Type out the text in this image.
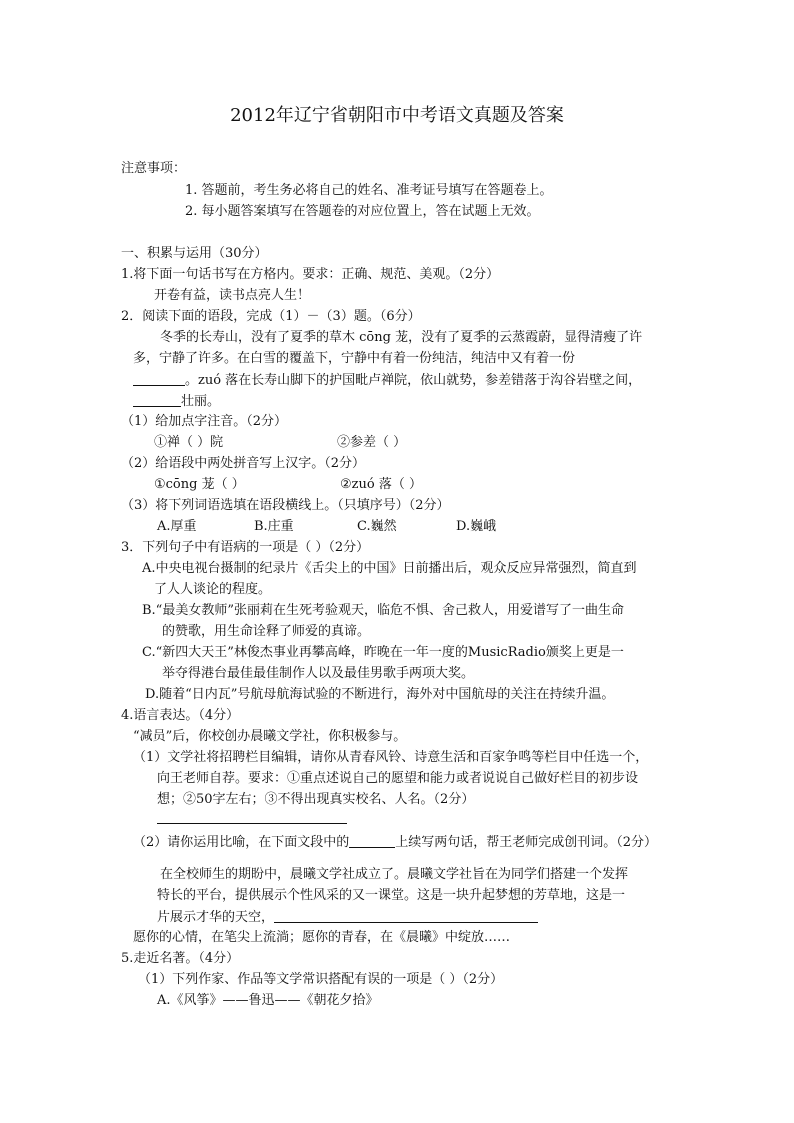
2012年辽宁省朝阳市中考语文真题及答案
注意事项：
1. 答题前，考生务必将自己的姓名、准考证号填写在答题卷上。
2. 每小题答案填写在答题卷的对应位置上，答在试题上无效。
一、积累与运用（30分）
1.将下面一句话书写在方格内。要求：正确、规范、美观。（2分）
开卷有益，读书点亮人生！
2．阅读下面的语段，完成（1）－（3）题。（6分）
冬季的长寿山，没有了夏季的草木 cōng 茏，没有了夏季的云蒸霞蔚，显得清瘦了许
多，宁静了许多。在白雪的覆盖下，宁静中有着一份纯洁，纯洁中又有着一份
。zuó 落在长寿山脚下的护国毗卢禅院，依山就势，参差错落于沟谷岩壁之间，
壮丽。
（1）给加点字注音。（2分）
①禅（ ）院	②参差（ ）
（2）给语段中两处拼音写上汉字。（2分）
①cōng 茏（ ）	②zuó 落（ ）
（3）将下列词语选填在语段横线上。（只填序号）（2分）
A.厚重	B.庄重	C.巍然	D.巍峨
3．下列句子中有语病的一项是（ ）（2分）
A.中央电视台摄制的纪录片《舌尖上的中国》日前播出后，观众反应异常强烈，简直到
了人人谈论的程度。
B.“最美女教师”张丽莉在生死考验观天，临危不惧、舍己救人，用爱谱写了一曲生命
的赞歌，用生命诠释了师爱的真谛。
C.“新四大天王”林俊杰事业再攀高峰，昨晚在一年一度的MusicRadio颁奖上更是一
举夺得港台最佳最佳制作人以及最佳男歌手两项大奖。
D.随着“日内瓦”号航母航海试验的不断进行，海外对中国航母的关注在持续升温。
4.语言表达。（4分）
“减员”后，你校创办晨曦文学社，你积极参与。
（1）文学社将招聘栏目编辑，请你从青春风铃、诗意生活和百家争鸣等栏目中任选一个，
向王老师自荐。要求：①重点述说自己的愿望和能力或者说说自己做好栏目的初步设
想；②50字左右；③不得出现真实校名、人名。（2分）
（2）请你运用比喻，在下面文段中的	上续写两句话，帮王老师完成创刊词。（2分）
在全校师生的期盼中，晨曦文学社成立了。晨曦文学社旨在为同学们搭建一个发挥
特长的平台，提供展示个性风采的又一课堂。这是一块升起梦想的芳草地，这是一
片展示才华的天空，
愿你的心情，在笔尖上流淌；愿你的青春，在《晨曦》中绽放……
5.走近名著。（4分）
（1）下列作家、作品等文学常识搭配有误的一项是（ ）（2分）
A.《风筝》——鲁迅——《朝花夕拾》
